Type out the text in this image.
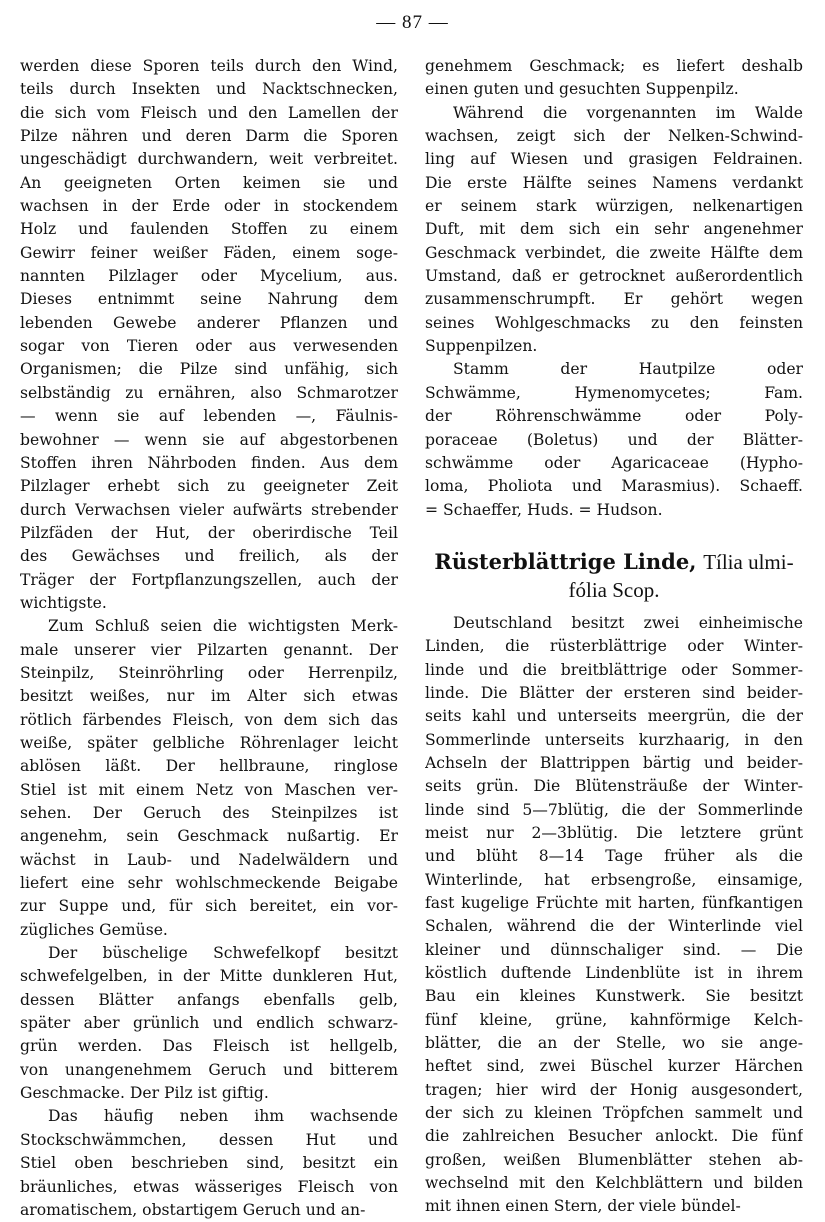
— 87 —

werden diese Sporen teils durch den Wind,
teils durch Insekten und Nacktschnecken,
die sich vom Fleisch und den Lamellen der
Pilze nähren und deren Darm die Sporen
ungeschädigt durchwandern, weit verbreitet.
An geeigneten Orten keimen sie und
wachsen in der Erde oder in stockendem
Holz und faulenden Stoffen zu einem
Gewirr feiner weißer Fäden, einem soge-
nannten Pilzlager oder Mycelium, aus.
Dieses entnimmt seine Nahrung dem
lebenden Gewebe anderer Pflanzen und
sogar von Tieren oder aus verwesenden
Organismen; die Pilze sind unfähig, sich
selbständig zu ernähren, also Schmarotzer
— wenn sie auf lebenden —, Fäulnis-
bewohner — wenn sie auf abgestorbenen
Stoffen ihren Nährboden finden. Aus dem
Pilzlager erhebt sich zu geeigneter Zeit
durch Verwachsen vieler aufwärts strebender
Pilzfäden der Hut, der oberirdische Teil
des Gewächses und freilich, als der
Träger der Fortpflanzungszellen, auch der
wichtigste.

Zum Schluß seien die wichtigsten Merk-
male unserer vier Pilzarten genannt. Der
Steinpilz, Steinröhrling oder Herrenpilz,
besitzt weißes, nur im Alter sich etwas
rötlich färbendes Fleisch, von dem sich das
weiße, später gelbliche Röhrenlager leicht
ablösen läßt. Der hellbraune, ringlose
Stiel ist mit einem Netz von Maschen ver-
sehen. Der Geruch des Steinpilzes ist
angenehm, sein Geschmack nußartig. Er
wächst in Laub- und Nadelwäldern und
liefert eine sehr wohlschmeckende Beigabe
zur Suppe und, für sich bereitet, ein vor-
zügliches Gemüse.

Der büschelige Schwefelkopf besitzt
schwefelgelben, in der Mitte dunkleren Hut,
dessen Blätter anfangs ebenfalls gelb,
später aber grünlich und endlich schwarz-
grün werden. Das Fleisch ist hellgelb,
von unangenehmem Geruch und bitterem
Geschmacke. Der Pilz ist giftig.

Das häufig neben ihm wachsende
Stockschwämmchen, dessen Hut und
Stiel oben beschrieben sind, besitzt ein
bräunliches, etwas wässeriges Fleisch von
aromatischem, obstartigem Geruch und an-

genehmem Geschmack; es liefert deshalb
einen guten und gesuchten Suppenpilz.

Während die vorgenannten im Walde
wachsen, zeigt sich der Nelken-Schwind-
ling auf Wiesen und grasigen Feldrainen.
Die erste Hälfte seines Namens verdankt
er seinem stark würzigen, nelkenartigen
Duft, mit dem sich ein sehr angenehmer
Geschmack verbindet, die zweite Hälfte dem
Umstand, daß er getrocknet außerordentlich
zusammenschrumpft. Er gehört wegen
seines Wohlgeschmacks zu den feinsten
Suppenpilzen.

Stamm der Hautpilze oder
Schwämme, Hymenomycetes; Fam.
der Röhrenschwämme oder Poly-
poraceae (Boletus) und der Blätter-
schwämme oder Agaricaceae (Hypho-
loma, Pholiota und Marasmius). Schaeff.
= Schaeffer, Huds. = Hudson.

Rüsterblättrige Linde, Tília ulmi-
fólia Scop.

Deutschland besitzt zwei einheimische
Linden, die rüsterblättrige oder Winter-
linde und die breitblättrige oder Sommer-
linde. Die Blätter der ersteren sind beider-
seits kahl und unterseits meergrün, die der
Sommerlinde unterseits kurzhaarig, in den
Achseln der Blattrippen bärtig und beider-
seits grün. Die Blütensträuße der Winter-
linde sind 5—7blütig, die der Sommerlinde
meist nur 2—3blütig. Die letztere grünt
und blüht 8—14 Tage früher als die
Winterlinde, hat erbsengroße, einsamige,
fast kugelige Früchte mit harten, fünfkantigen
Schalen, während die der Winterlinde viel
kleiner und dünnschaliger sind. — Die
köstlich duftende Lindenblüte ist in ihrem
Bau ein kleines Kunstwerk. Sie besitzt
fünf kleine, grüne, kahnförmige Kelch-
blätter, die an der Stelle, wo sie ange-
heftet sind, zwei Büschel kurzer Härchen
tragen; hier wird der Honig ausgesondert,
der sich zu kleinen Tröpfchen sammelt und
die zahlreichen Besucher anlockt. Die fünf
großen, weißen Blumenblätter stehen ab-
wechselnd mit den Kelchblättern und bilden
mit ihnen einen Stern, der viele bündel-
